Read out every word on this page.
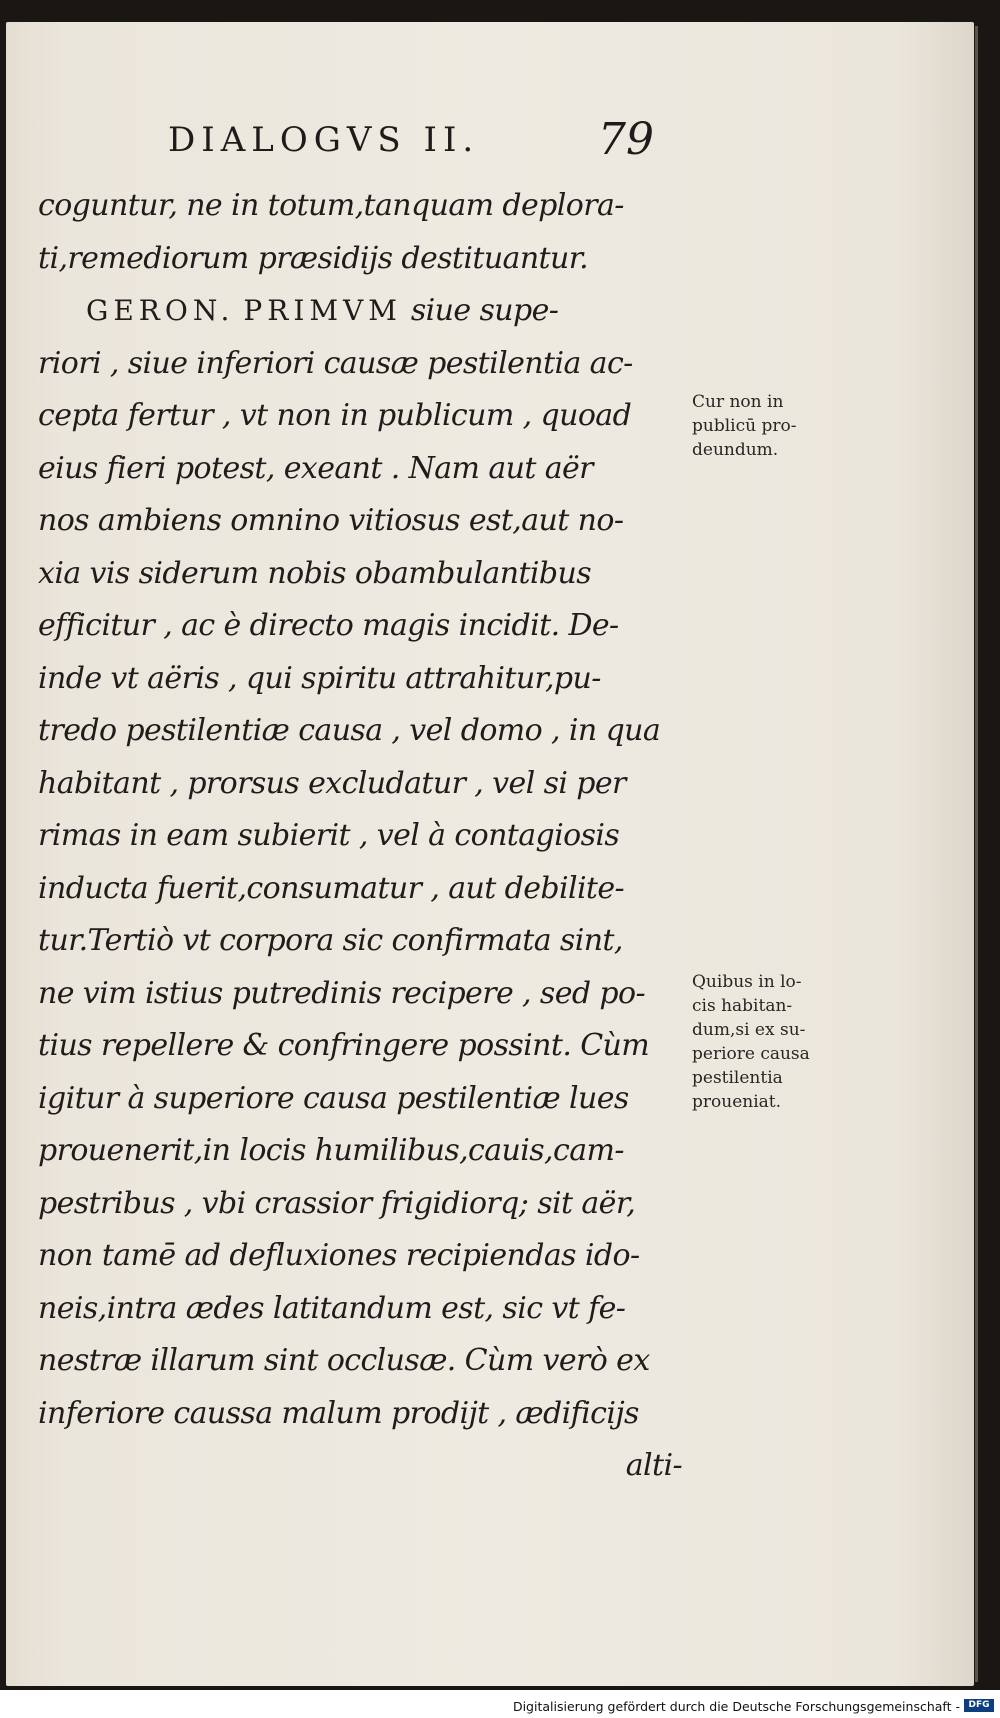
DIALOGVS II.	79
coguntur, ne in totum,tanquam deplora-
ti,remediorum præsidijs destituantur.
GERON. PRIMVM siue supe-
riori , siue inferiori causæ pestilentia ac-
cepta fertur , vt non in publicum , quoad
eius fieri potest, exeant . Nam aut aër
nos ambiens omnino vitiosus est,aut no-
xia vis siderum nobis obambulantibus
efficitur , ac è directo magis incidit. De-
inde vt aëris , qui spiritu attrahitur,pu-
tredo pestilentiæ causa , vel domo , in qua
habitant , prorsus excludatur , vel si per
rimas in eam subierit , vel à contagiosis
inducta fuerit,consumatur , aut debilite-
tur.Tertiò vt corpora sic confirmata sint,
ne vim istius putredinis recipere , sed po-
tius repellere & confringere possint. Cùm
igitur à superiore causa pestilentiæ lues
prouenerit,in locis humilibus,cauis,cam-
pestribus , vbi crassior frigidiorq; sit aër,
non tamē ad defluxiones recipiendas ido-
neis,intra ædes latitandum est, sic vt fe-
nestræ illarum sint occlusæ. Cùm verò ex
inferiore caussa malum prodijt , ædificijs
alti-
Cur non in
publicū pro-
deundum.
Quibus in lo-
cis habitan-
dum,si ex su-
periore causa
pestilentia
proueniat.
Digitalisierung gefördert durch die Deutsche Forschungsgemeinschaft - DFG
